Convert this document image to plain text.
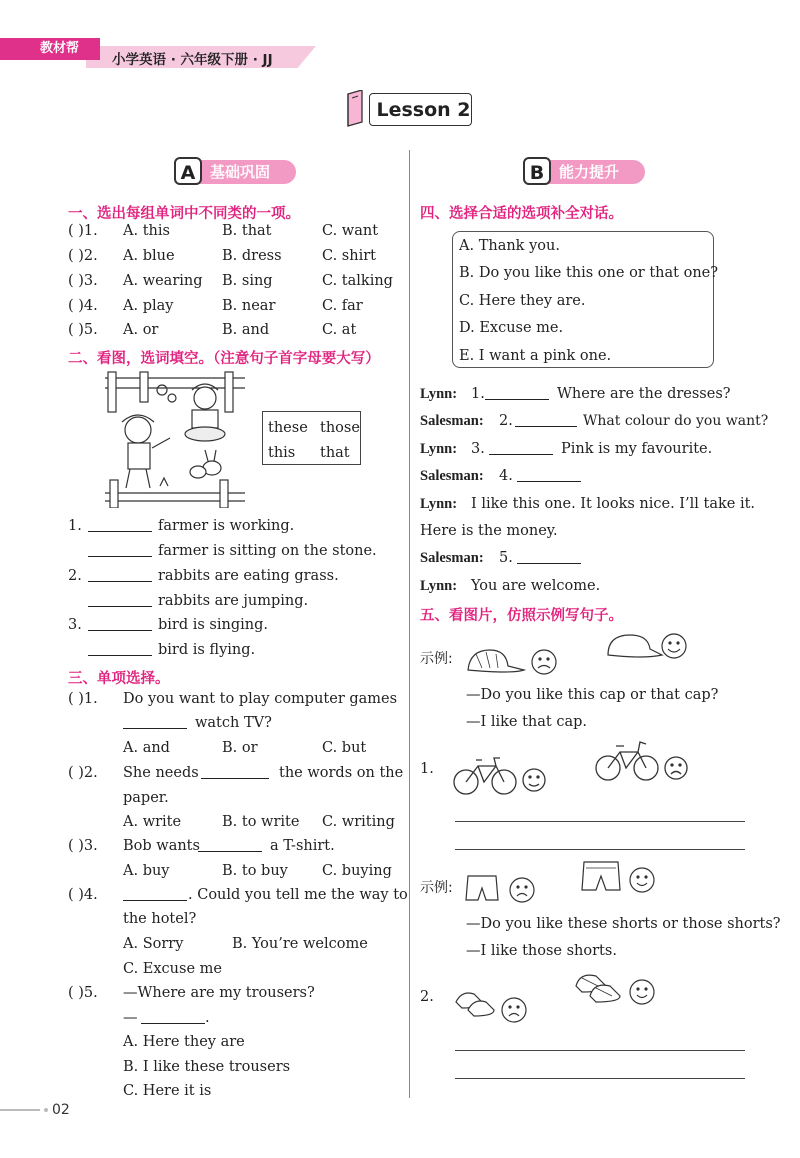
教材帮
小学英语 · 六年级下册 · JJ
Lesson 2
A 基础巩固	B 能力提升
一、选出每组单词中不同类的一项。
( )1. A. this	B. that	C. want
( )2. A. blue	B. dress	C. shirt
( )3. A. wearing B. sing	C. talking
( )4. A. play	B. near	C. far
( )5. A. or	B. and	C. at
二、看图，选词填空。（注意句子首字母要大写）
these those
this that
1.	farmer is working.
farmer is sitting on the stone.
2.	rabbits are eating grass.
rabbits are jumping.
3.	bird is singing.
bird is flying.
三、单项选择。
( )1. Do you want to play computer games
watch TV?
A. and	B. or	C. but
( )2. She needs	the words on the
paper.
A. write	B. to write C. writing
( )3. Bob wants	a T-shirt.
A. buy	B. to buy C. buying
( )4.	. Could you tell me the way to
the hotel?
A. Sorry	B. You’re welcome
C. Excuse me
( )5. —Where are my trousers?
—	.
A. Here they are
B. I like these trousers
C. Here it is
四、选择合适的选项补全对话。
A. Thank you.
B. Do you like this one or that one?
C. Here they are.
D. Excuse me.
E. I want a pink one.
Lynn: 1.	Where are the dresses?
Salesman: 2.	What colour do you want?
Lynn: 3.	Pink is my favourite.
Salesman: 4.
Lynn: I like this one. It looks nice. I’ll take it.
Here is the money.
Salesman: 5.
Lynn: You are welcome.
五、看图片，仿照示例写句子。
示例:
—Do you like this cap or that cap?
—I like that cap.
1.
示例:
—Do you like these shorts or those shorts?
—I like those shorts.
2.
02
